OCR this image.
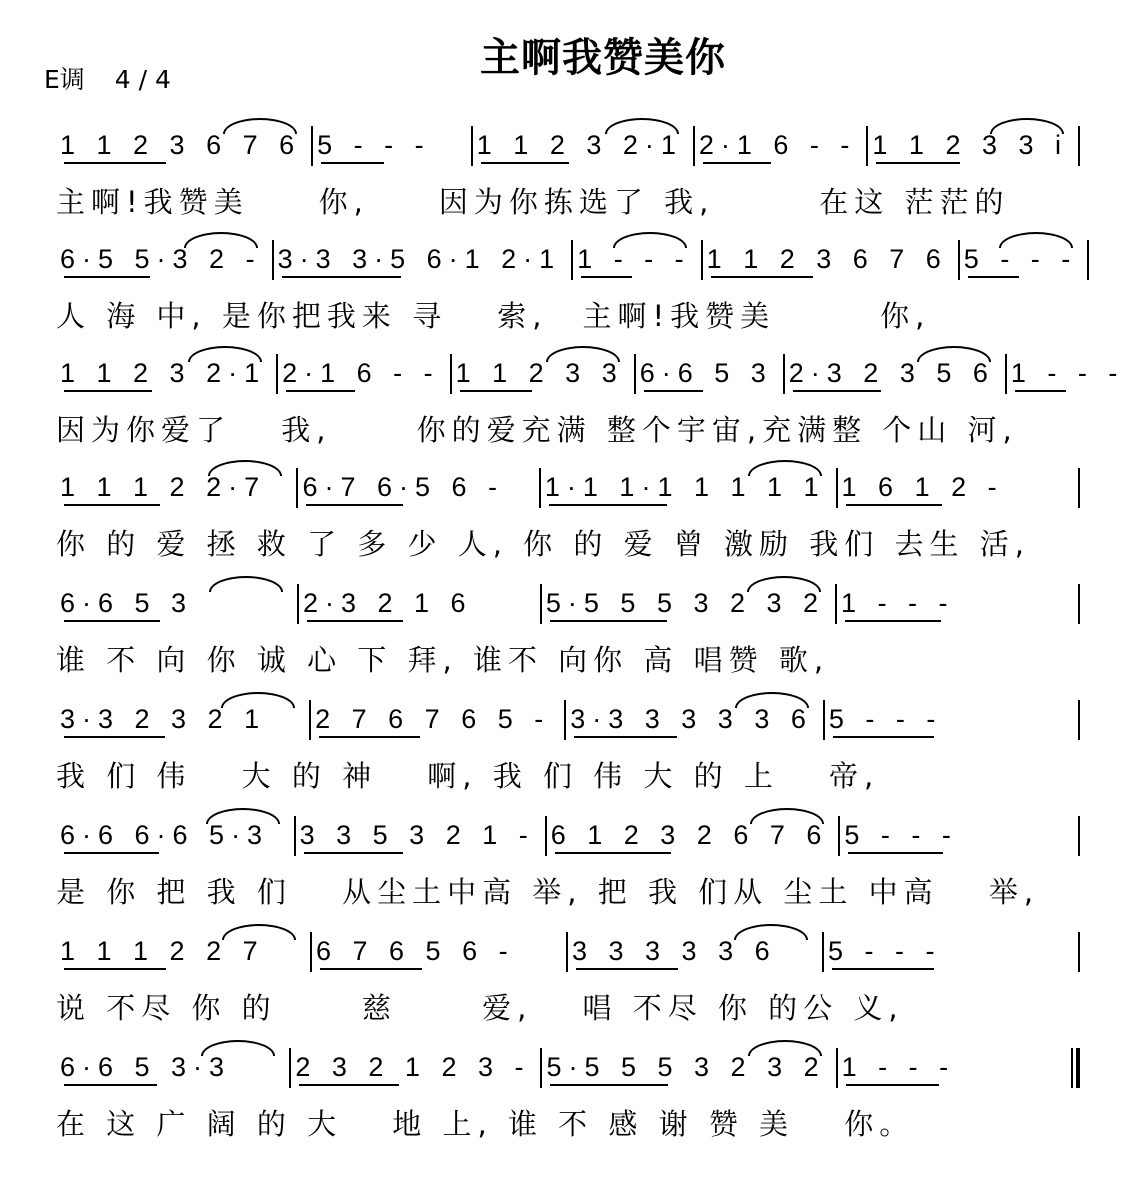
主啊我赞美你
E调 4 / 4
1 1 2 3 6 7 6 5 - - - 1 1 2 3 2·1 2·1 6 - - 1 1 2 3 3 i
主啊!我赞美　　你,　　因为你拣选了 我,　　　在这 茫茫的
6·5 5·3 2 - 3·3 3·5 6·1 2·1 1 - - - 1 1 2 3 6 7 6 5 - - -
人 海 中, 是你把我来 寻　 索,　主啊!我赞美　　　你,
1 1 2 3 2·1 2·1 6 - - 1 1 2 3 3 6·6 5 3 2·3 2 3 5 6 1 - - -
因为你爱了　 我,　　 你的爱充满 整个宇宙,充满整 个山 河,
1 1 1 2 2·7 6·7 6·5 6 - 1·1 1·1 1 1 1 1 1 6 1 2 -
你 的 爱 拯 救 了 多 少 人, 你 的 爱 曾 激励 我们 去生 活,
6·6 5 3	2·3 2 1 6	5·5 5 5 3 2 3 2 1 - - -
谁 不 向 你 诚 心 下 拜, 谁不 向你 高 唱赞 歌,
3·3 2 3 2 1 2 7 6 7 6 5 - 3·3 3 3 3 3 6 5 - - -
我 们 伟　 大 的 神　 啊, 我 们 伟 大 的 上　 帝,
6·6 6·6 5·3 3 3 5 3 2 1 - 6 1 2 3 2 6 7 6 5 - - -
是 你 把 我 们　 从尘土中高 举, 把 我 们从 尘土 中高　 举,
1 1 1 2 2 7 6 7 6 5 6 - 3 3 3 3 3 6 5 - - -
说 不尽 你 的　　 慈　　 爱,　 唱 不尽 你 的公 义,
6·6 5 3·3 2 3 2 1 2 3 - 5·5 5 5 3 2 3 2 1 - - -
在 这 广 阔 的 大　 地 上, 谁 不 感 谢 赞 美　 你。
